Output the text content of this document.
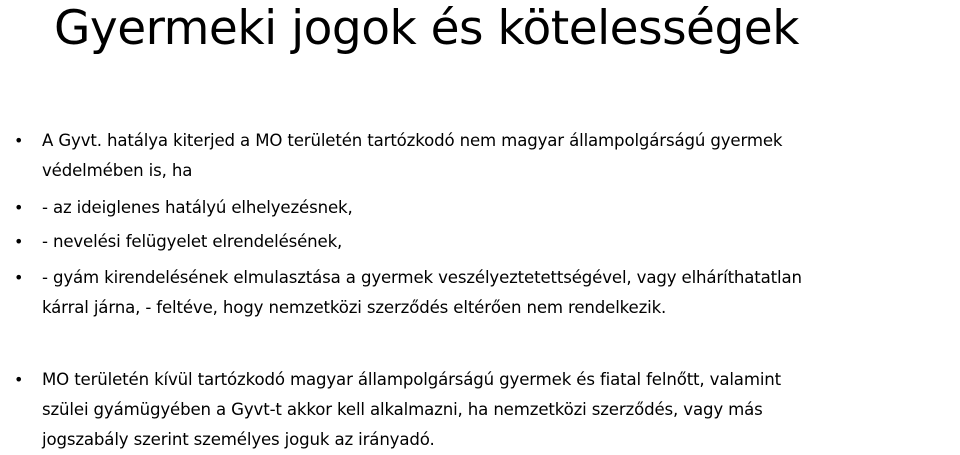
Gyermeki jogok és kötelességek
• A Gyvt. hatálya kiterjed a MO területén tartózkodó nem magyar állampolgárságú gyermek
védelmében is, ha
• - az ideiglenes hatályú elhelyezésnek,
• - nevelési felügyelet elrendelésének,
• - gyám kirendelésének elmulasztása a gyermek veszélyeztetettségével, vagy elháríthatatlan
kárral járna, - feltéve, hogy nemzetközi szerződés eltérően nem rendelkezik.
• MO területén kívül tartózkodó magyar állampolgárságú gyermek és fiatal felnőtt, valamint
szülei gyámügyében a Gyvt-t akkor kell alkalmazni, ha nemzetközi szerződés, vagy más
jogszabály szerint személyes joguk az irányadó.
